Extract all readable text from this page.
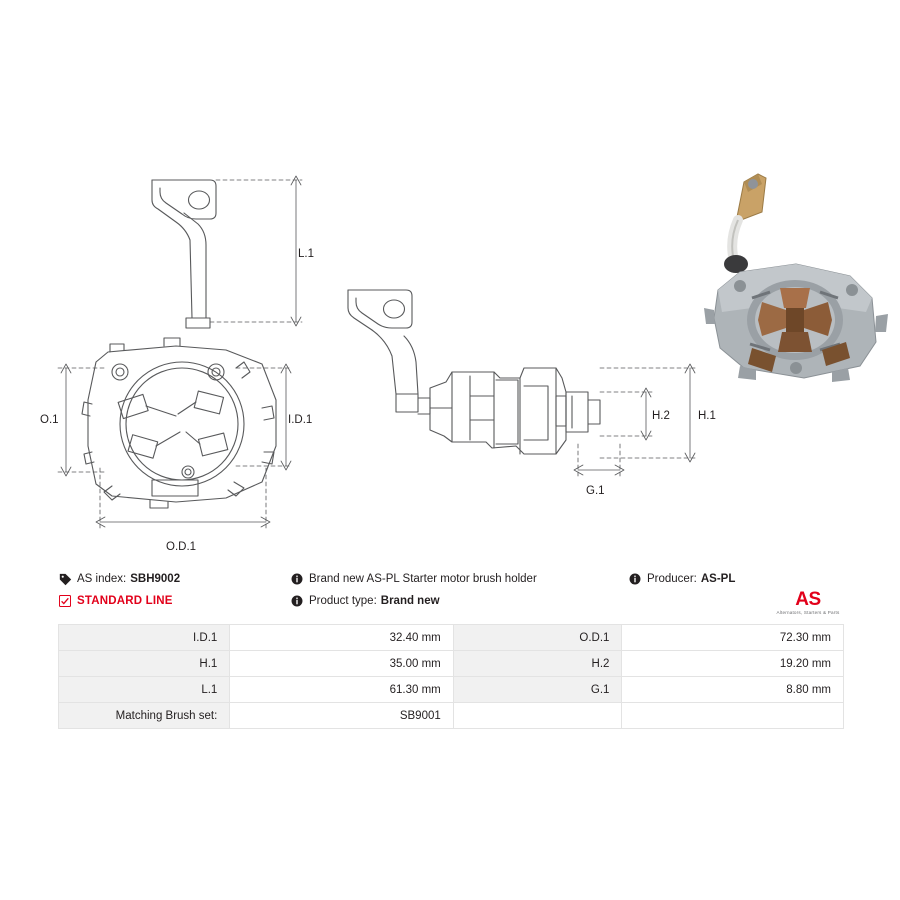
L.1
I.D.1
O.1
O.D.1
H.2 H.1
G.1
AS index: SBH9002
STANDARD LINE
Brand new AS-PL Starter motor brush holder
Product type: Brand new
Producer: AS-PL
AS
Alternators, Starters & Parts
I.D.1	32.40 mm	O.D.1	72.30 mm
H.1	35.00 mm	H.2	19.20 mm
L.1	61.30 mm	G.1	8.80 mm
Matching Brush set:	SB9001		
